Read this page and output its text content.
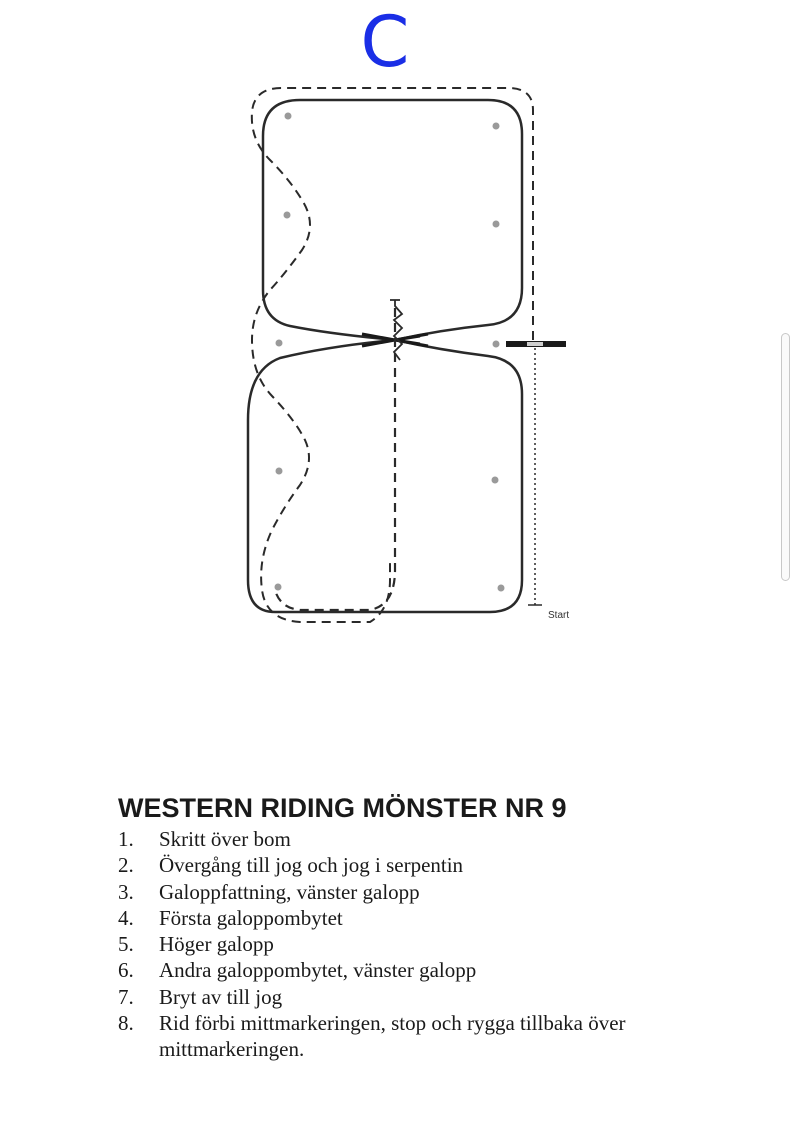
C
Start
WESTERN RIDING MÖNSTER NR 9
1. Skritt över bom
2. Övergång till jog och jog i serpentin
3. Galoppfattning, vänster galopp
4. Första galoppombytet
5. Höger galopp
6. Andra galoppombytet, vänster galopp
7. Bryt av till jog
8. Rid förbi mittmarkeringen, stop och rygga tillbaka över mittmarkeringen.
